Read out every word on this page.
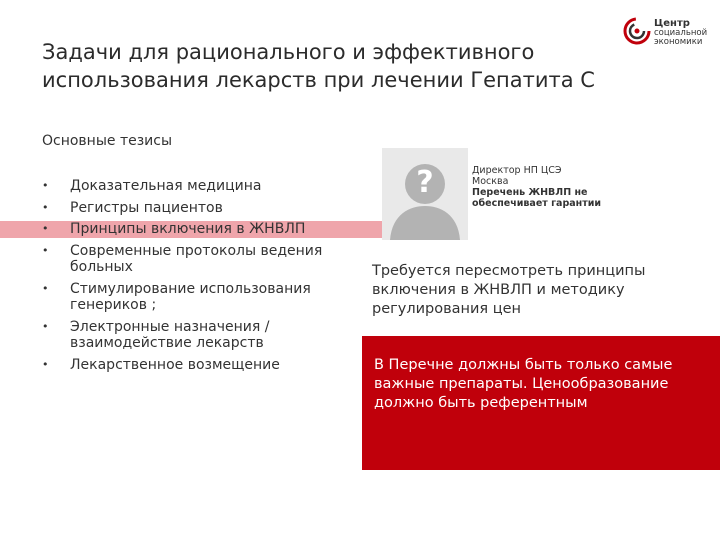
Задачи для рационального и эффективного
использования лекарств при лечении Гепатита С
Центр
социальной
экономики
Основные тезисы
• Доказательная медицина
• Регистры пациентов
• Принципы включения в ЖНВЛП
• Современные протоколы ведения больных
• Стимулирование использования генериков ;
• Электронные назначения / взаимодействие лекарств
• Лекарственное возмещение
?	Директор НП ЦСЭ
Москва
Перечень ЖНВЛП не
обеспечивает гарантии
Требуется пересмотреть принципы включения в ЖНВЛП и методику регулирования цен
В Перечне должны быть только самые важные препараты. Ценообразование должно быть референтным
